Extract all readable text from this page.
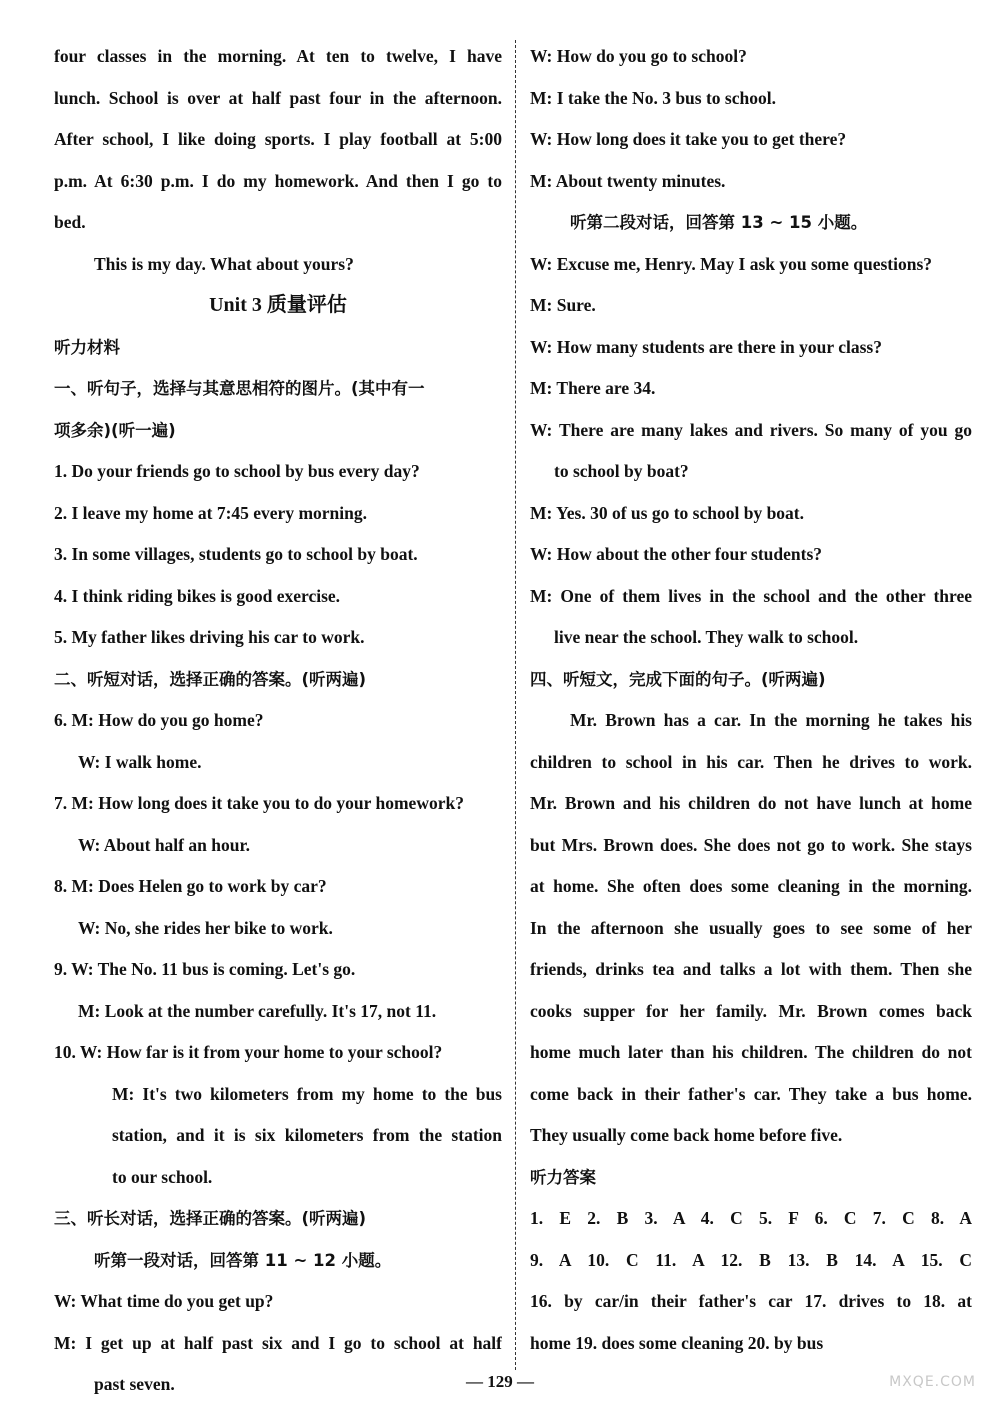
four classes in the morning. At ten to twelve, I have
lunch. School is over at half past four in the afternoon.
After school, I like doing sports. I play football at 5:00
p.m. At 6:30 p.m. I do my homework. And then I go to
bed.
This is my day. What about yours?
Unit 3 质量评估
听力材料
一、听句子，选择与其意思相符的图片。(其中有一
项多余)(听一遍)
1. Do your friends go to school by bus every day?
2. I leave my home at 7:45 every morning.
3. In some villages, students go to school by boat.
4. I think riding bikes is good exercise.
5. My father likes driving his car to work.
二、听短对话，选择正确的答案。(听两遍)
6. M: How do you go home?
W: I walk home.
7. M: How long does it take you to do your homework?
W: About half an hour.
8. M: Does Helen go to work by car?
W: No, she rides her bike to work.
9. W: The No. 11 bus is coming. Let's go.
M: Look at the number carefully. It's 17, not 11.
10. W: How far is it from your home to your school?
M: It's two kilometers from my home to the bus
station, and it is six kilometers from the station
to our school.
三、听长对话，选择正确的答案。(听两遍)
听第一段对话，回答第 11 ~ 12 小题。
W: What time do you get up?
M: I get up at half past six and I go to school at half
past seven.
W: How do you go to school?
M: I take the No. 3 bus to school.
W: How long does it take you to get there?
M: About twenty minutes.
听第二段对话，回答第 13 ~ 15 小题。
W: Excuse me, Henry. May I ask you some questions?
M: Sure.
W: How many students are there in your class?
M: There are 34.
W: There are many lakes and rivers. So many of you go
to school by boat?
M: Yes. 30 of us go to school by boat.
W: How about the other four students?
M: One of them lives in the school and the other three
live near the school. They walk to school.
四、听短文，完成下面的句子。(听两遍)
Mr. Brown has a car. In the morning he takes his
children to school in his car. Then he drives to work.
Mr. Brown and his children do not have lunch at home
but Mrs. Brown does. She does not go to work. She stays
at home. She often does some cleaning in the morning.
In the afternoon she usually goes to see some of her
friends, drinks tea and talks a lot with them. Then she
cooks supper for her family. Mr. Brown comes back
home much later than his children. The children do not
come back in their father's car. They take a bus home.
They usually come back home before five.
听力答案
1. E 2. B 3. A 4. C 5. F 6. C 7. C 8. A
9. A 10. C 11. A 12. B 13. B 14. A 15. C
16. by car/in their father's car 17. drives to 18. at
home 19. does some cleaning 20. by bus
— 129 —	MXQE.COM
